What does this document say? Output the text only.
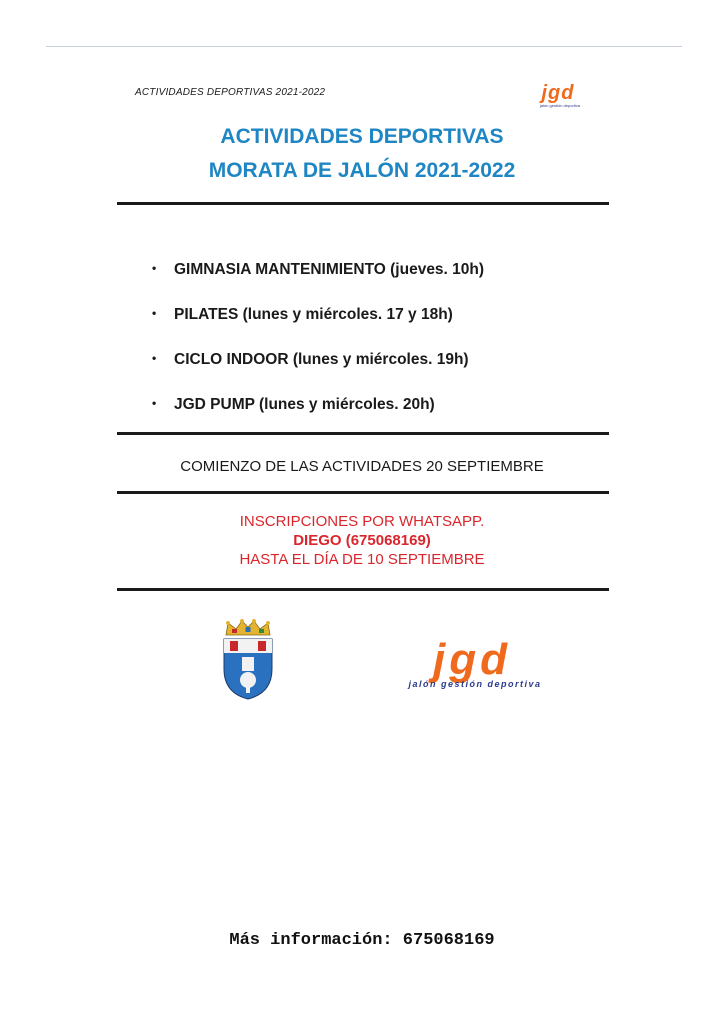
ACTIVIDADES DEPORTIVAS 2021-2022	jgd
jalón gestión deportiva
ACTIVIDADES DEPORTIVAS
MORATA DE JALÓN 2021-2022
• GIMNASIA MANTENIMIENTO (jueves. 10h)
• PILATES (lunes y miércoles. 17 y 18h)
• CICLO INDOOR (lunes y miércoles. 19h)
• JGD PUMP (lunes y miércoles. 20h)
COMIENZO DE LAS ACTIVIDADES 20 SEPTIEMBRE
INSCRIPCIONES POR WHATSAPP.
DIEGO (675068169)
HASTA EL DÍA DE 10 SEPTIEMBRE
jgd
jalón gestión deportiva
Más información: 675068169
